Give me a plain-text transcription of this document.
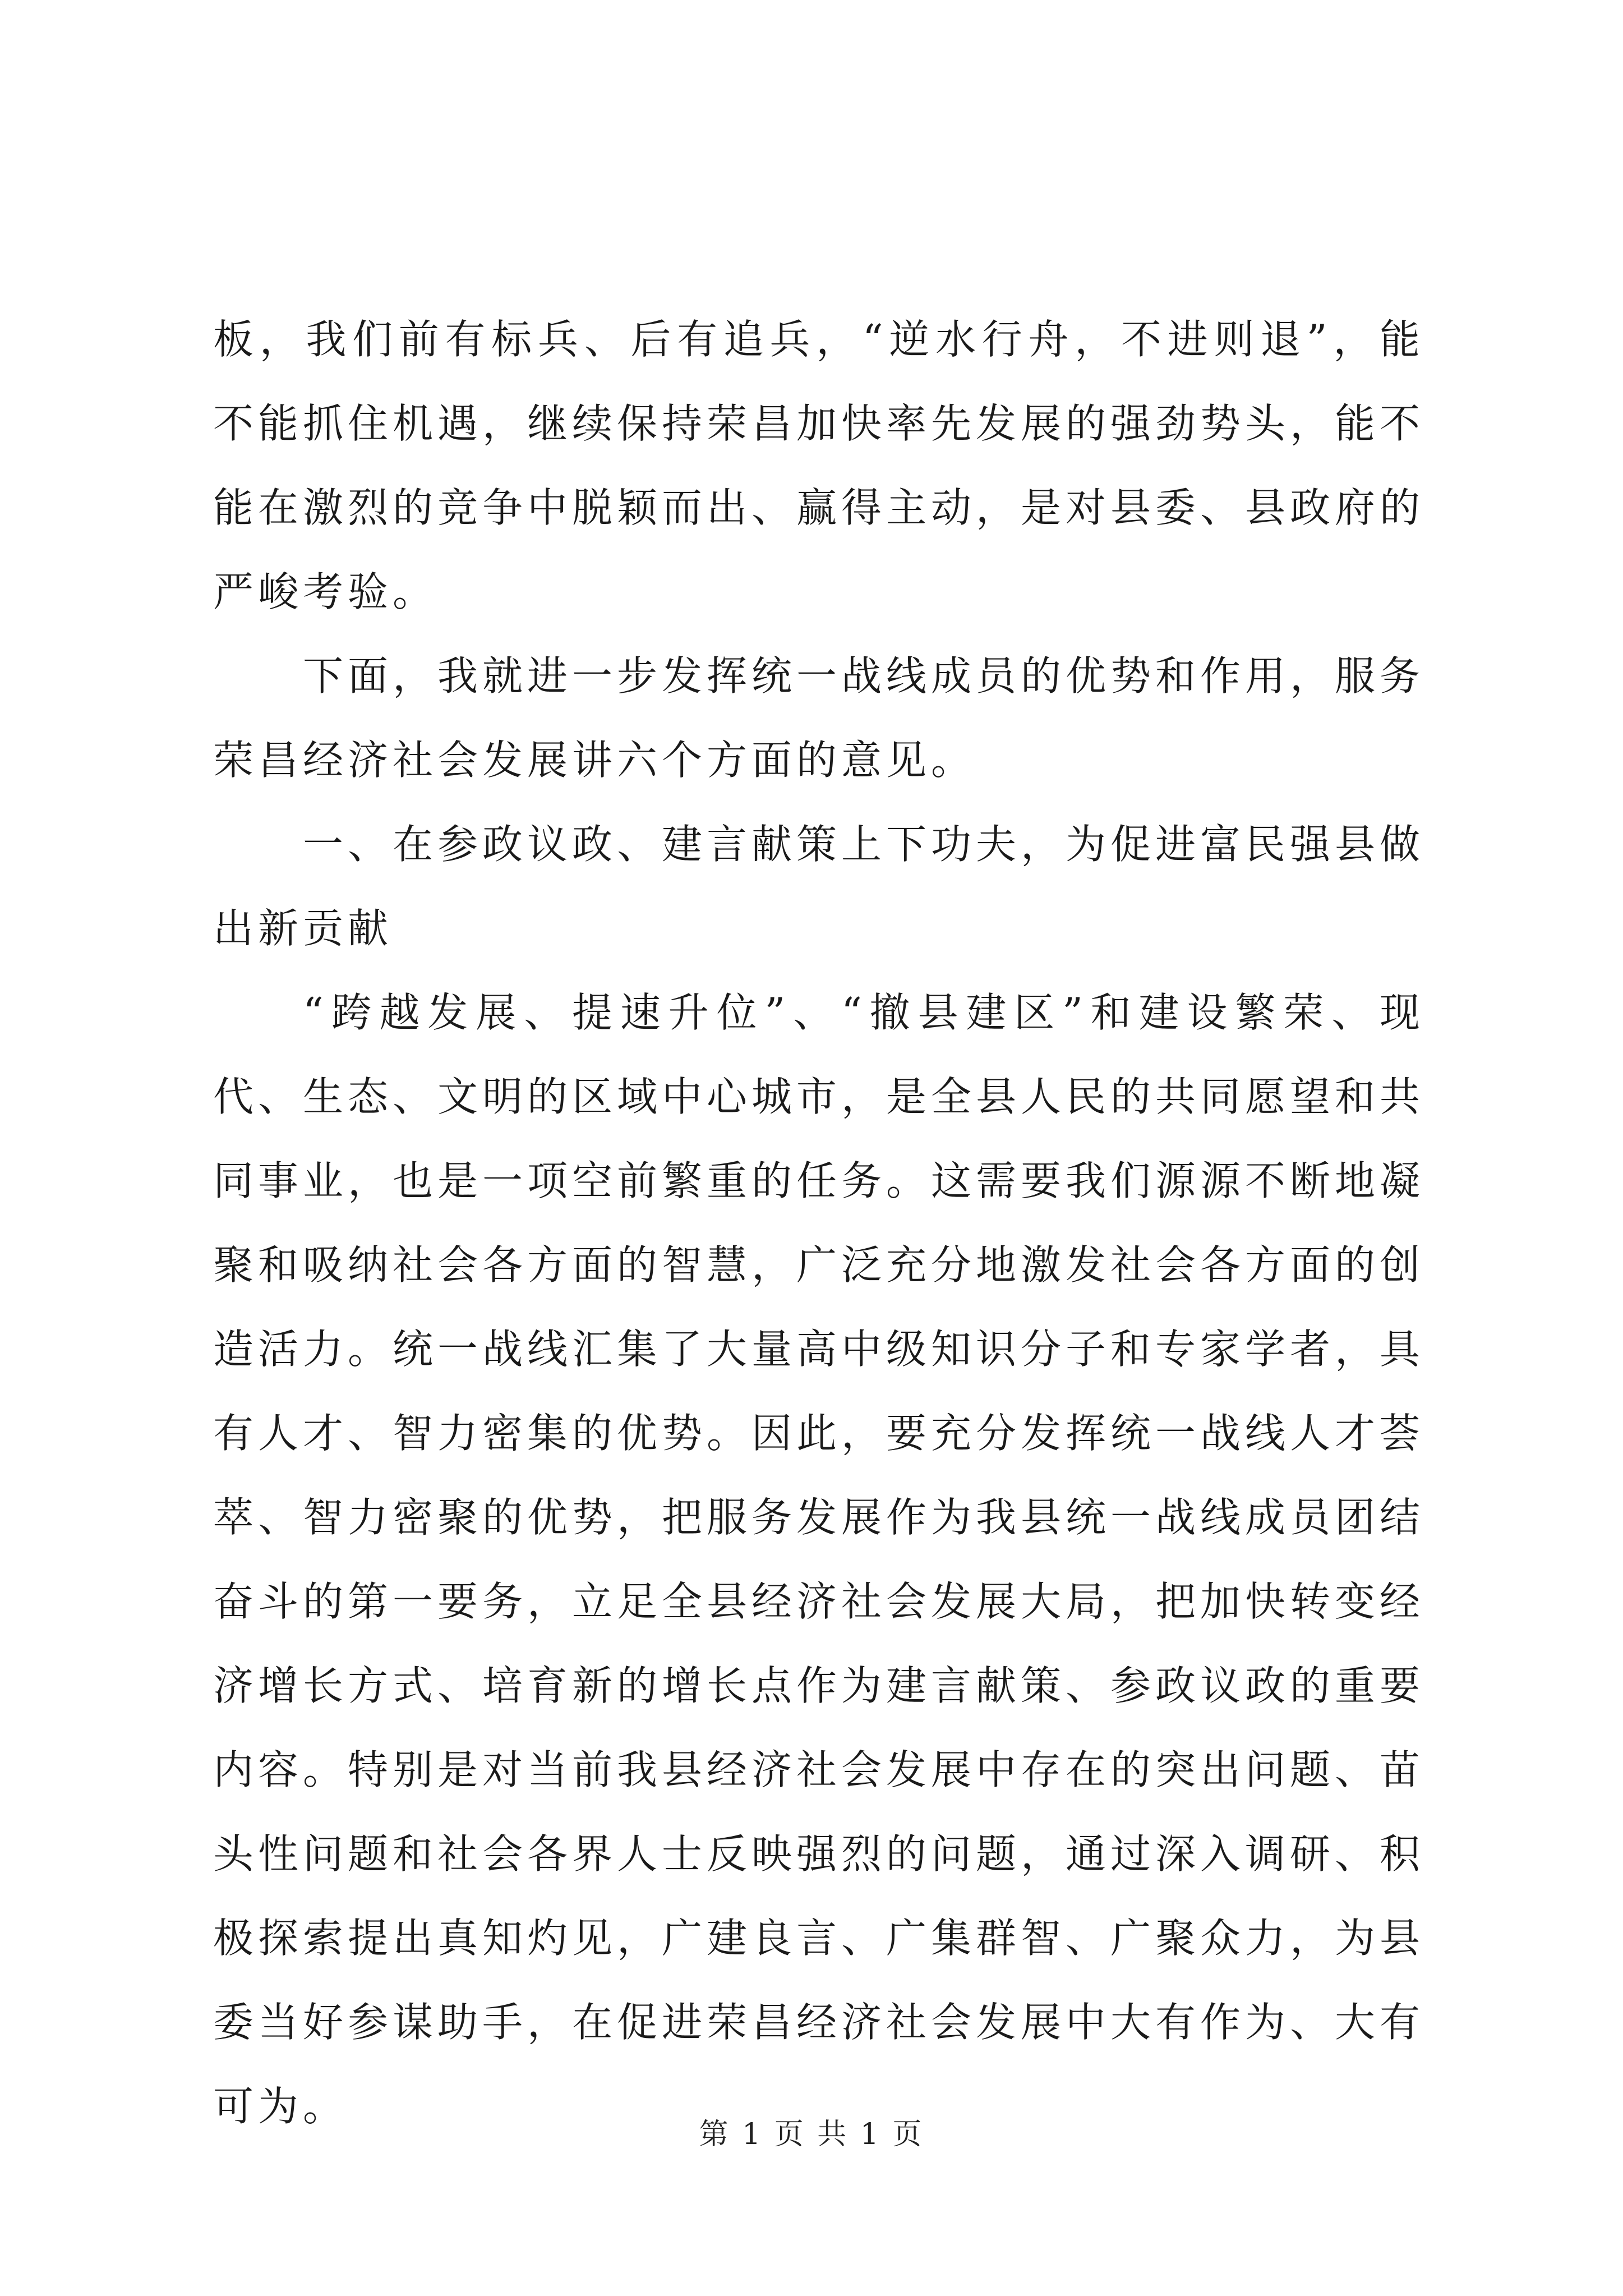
板，我们前有标兵、后有追兵，“逆水行舟，不进则退”，能不能抓住机遇，继续保持荣昌加快率先发展的强劲势头，能不能在激烈的竞争中脱颖而出、赢得主动，是对县委、县政府的严峻考验。

下面，我就进一步发挥统一战线成员的优势和作用，服务荣昌经济社会发展讲六个方面的意见。

一、在参政议政、建言献策上下功夫，为促进富民强县做出新贡献

“跨越发展、提速升位”、“撤县建区”和建设繁荣、现代、生态、文明的区域中心城市，是全县人民的共同愿望和共同事业，也是一项空前繁重的任务。这需要我们源源不断地凝聚和吸纳社会各方面的智慧，广泛充分地激发社会各方面的创造活力。统一战线汇集了大量高中级知识分子和专家学者，具有人才、智力密集的优势。因此，要充分发挥统一战线人才荟萃、智力密聚的优势，把服务发展作为我县统一战线成员团结奋斗的第一要务，立足全县经济社会发展大局，把加快转变经济增长方式、培育新的增长点作为建言献策、参政议政的重要内容。特别是对当前我县经济社会发展中存在的突出问题、苗头性问题和社会各界人士反映强烈的问题，通过深入调研、积极探索提出真知灼见，广建良言、广集群智、广聚众力，为县委当好参谋助手，在促进荣昌经济社会发展中大有作为、大有可为。

第 1 页 共 1 页
